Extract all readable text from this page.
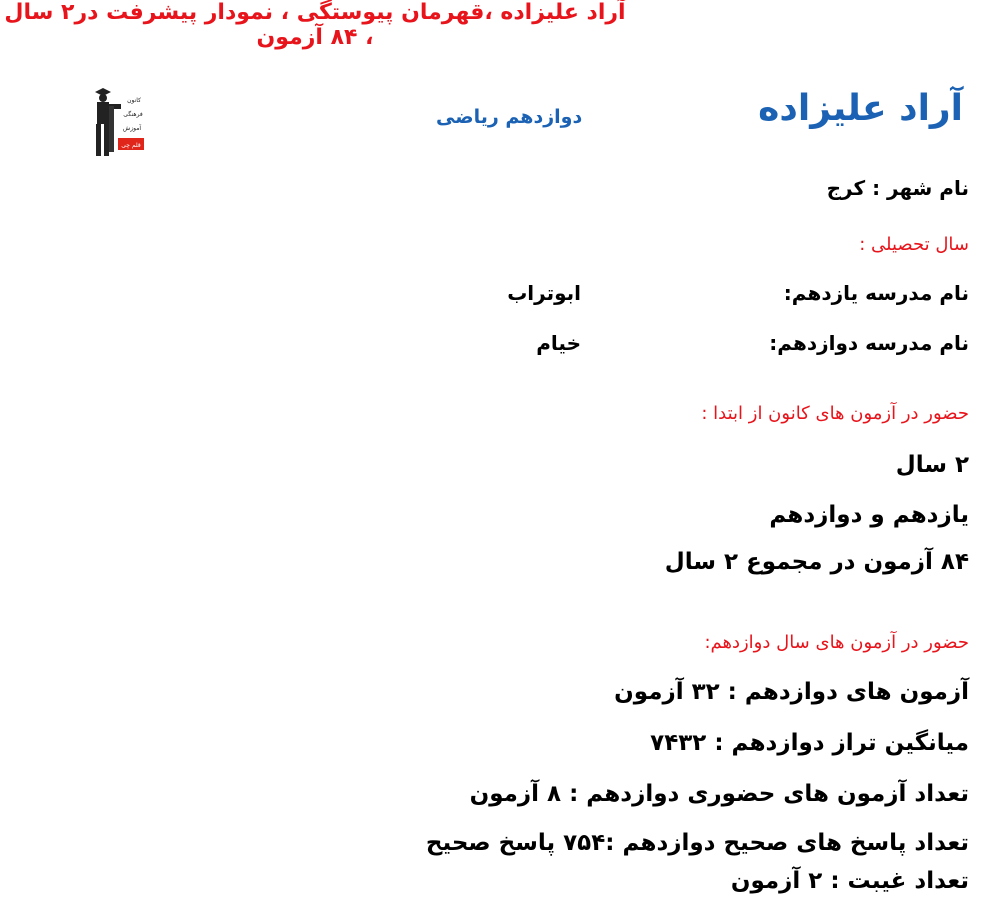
آراد علیزاده ،قهرمان پیوستگی ، نمودار پیشرفت در۲ سال ، ۸۴ آزمون
آراد علیزاده
دوازدهم ریاضی
کانون
فرهنگی
آموزش
قلم چی
نام شهر : کرج
سال تحصیلی :
نام مدرسه یازدهم:
ابوتراب
نام مدرسه دوازدهم:
خیام
حضور در آزمون های کانون از ابتدا :
۲ سال
یازدهم و دوازدهم
۸۴ آزمون در مجموع ۲ سال
حضور در آزمون های سال دوازدهم:
آزمون های دوازدهم : ۳۲ آزمون
میانگین تراز دوازدهم : ۷۴۳۲
تعداد آزمون های حضوری دوازدهم : ۸ آزمون
تعداد پاسخ های صحیح دوازدهم :۷۵۴ پاسخ صحیح
تعداد غیبت : ۲ آزمون
